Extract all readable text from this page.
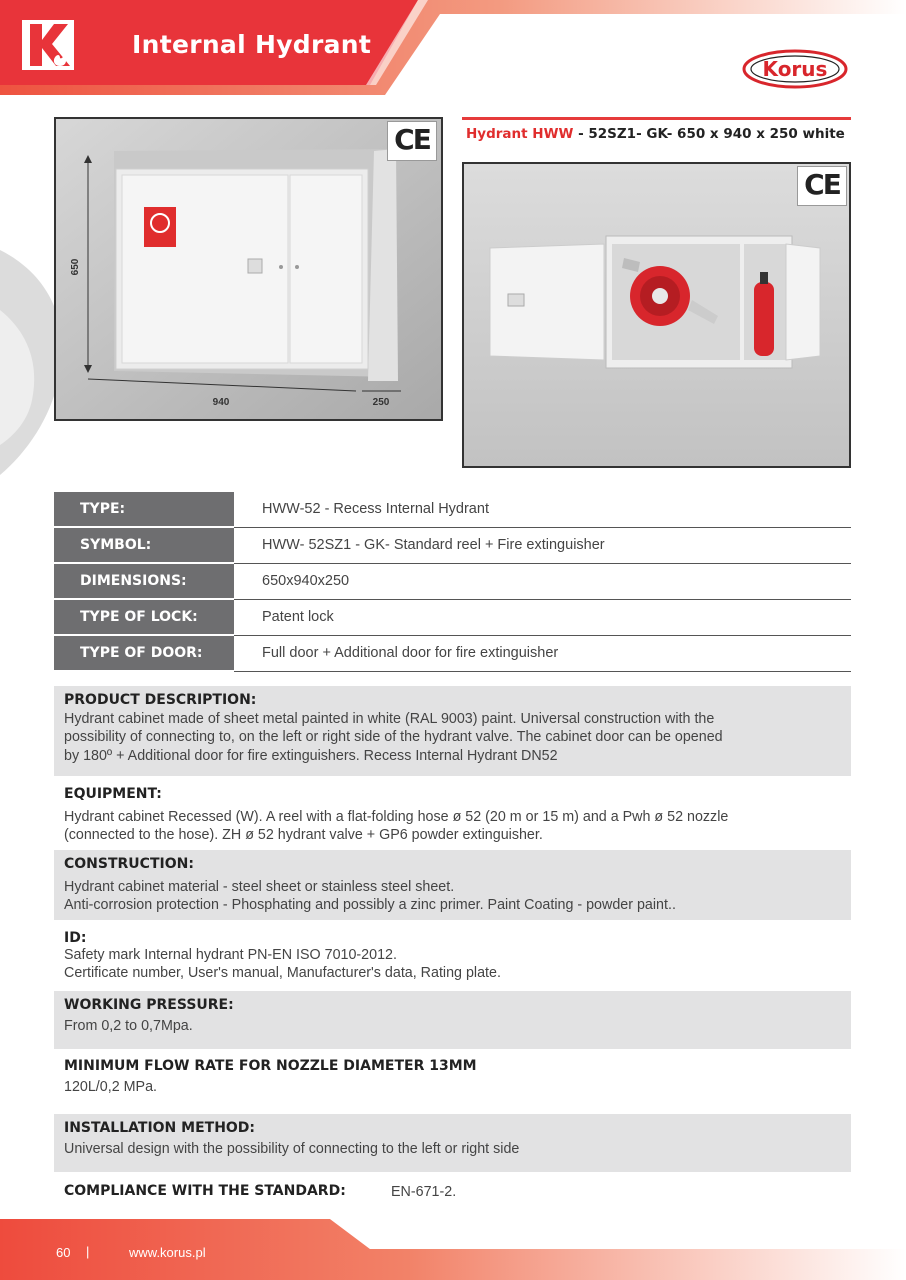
Internal Hydrant
Korus
650
940	250
CE	Hydrant HWW - 52SZ1- GK- 650 x 940 x 250 white
CE
TYPE:	HWW-52 - Recess Internal Hydrant
SYMBOL:	HWW- 52SZ1 - GK- Standard reel + Fire extinguisher
DIMENSIONS:	650x940x250
TYPE OF LOCK:	Patent lock
TYPE OF DOOR:	Full door + Additional door for fire extinguisher
PRODUCT DESCRIPTION:

Hydrant cabinet made of sheet metal painted in white (RAL 9003) paint. Universal construction with the

possibility of connecting to, on the left or right side of the hydrant valve. The cabinet door can be opened

by 180º + Additional door for fire extinguishers. Recess Internal Hydrant DN52

EQUIPMENT:

Hydrant cabinet Recessed (W). A reel with a flat-folding hose ø 52 (20 m or 15 m) and a Pwh ø 52 nozzle

(connected to the hose). ZH ø 52 hydrant valve + GP6 powder extinguisher.

CONSTRUCTION:

Hydrant cabinet material - steel sheet or stainless steel sheet.

Anti-corrosion protection - Phosphating and possibly a zinc primer. Paint Coating - powder paint..

ID:

Safety mark Internal hydrant PN-EN ISO 7010-2012.

Certificate number, User's manual, Manufacturer's data, Rating plate.

WORKING PRESSURE:

From 0,2 to 0,7Mpa.

MINIMUM FLOW RATE FOR NOZZLE DIAMETER 13MM

120L/0,2 MPa.

INSTALLATION METHOD:

Universal design with the possibility of connecting to the left or right side

COMPLIANCE WITH THE STANDARD:	EN-671-2.
60 |	www.korus.pl
